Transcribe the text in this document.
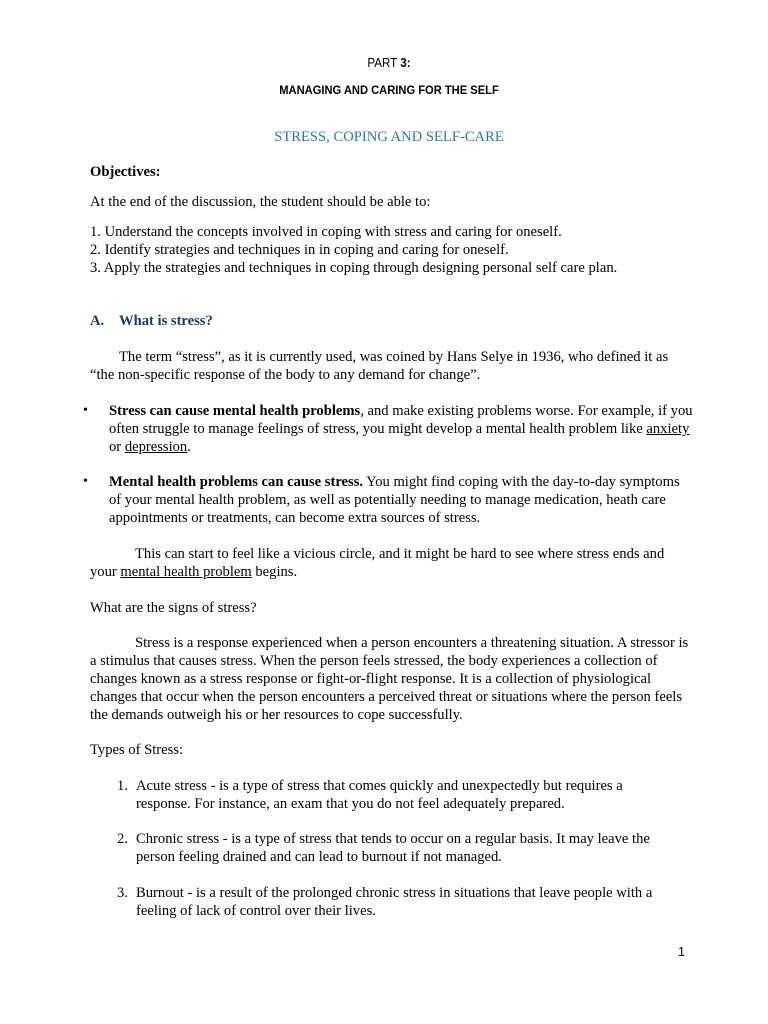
PART 3:
MANAGING AND CARING FOR THE SELF
STRESS, COPING AND SELF-CARE
Objectives:
At the end of the discussion, the student should be able to:
1. Understand the concepts involved in coping with stress and caring for oneself.
2. Identify strategies and techniques in in coping and caring for oneself.
3. Apply the strategies and techniques in coping through designing personal self care plan.
A. What is stress?
The term “stress”, as it is currently used, was coined by Hans Selye in 1936, who defined it as “the non-specific response of the body to any demand for change”.
• Stress can cause mental health problems, and make existing problems worse. For example, if you often struggle to manage feelings of stress, you might develop a mental health problem like anxiety or depression.
• Mental health problems can cause stress. You might find coping with the day-to-day symptoms of your mental health problem, as well as potentially needing to manage medication, heath care appointments or treatments, can become extra sources of stress.
This can start to feel like a vicious circle, and it might be hard to see where stress ends and your mental health problem begins.
What are the signs of stress?
Stress is a response experienced when a person encounters a threatening situation. A stressor is a stimulus that causes stress. When the person feels stressed, the body experiences a collection of changes known as a stress response or fight-or-flight response. It is a collection of physiological changes that occur when the person encounters a perceived threat or situations where the person feels the demands outweigh his or her resources to cope successfully.
Types of Stress:
1. Acute stress - is a type of stress that comes quickly and unexpectedly but requires a response. For instance, an exam that you do not feel adequately prepared.
2. Chronic stress - is a type of stress that tends to occur on a regular basis. It may leave the person feeling drained and can lead to burnout if not managed.
3. Burnout - is a result of the prolonged chronic stress in situations that leave people with a feeling of lack of control over their lives.
1
